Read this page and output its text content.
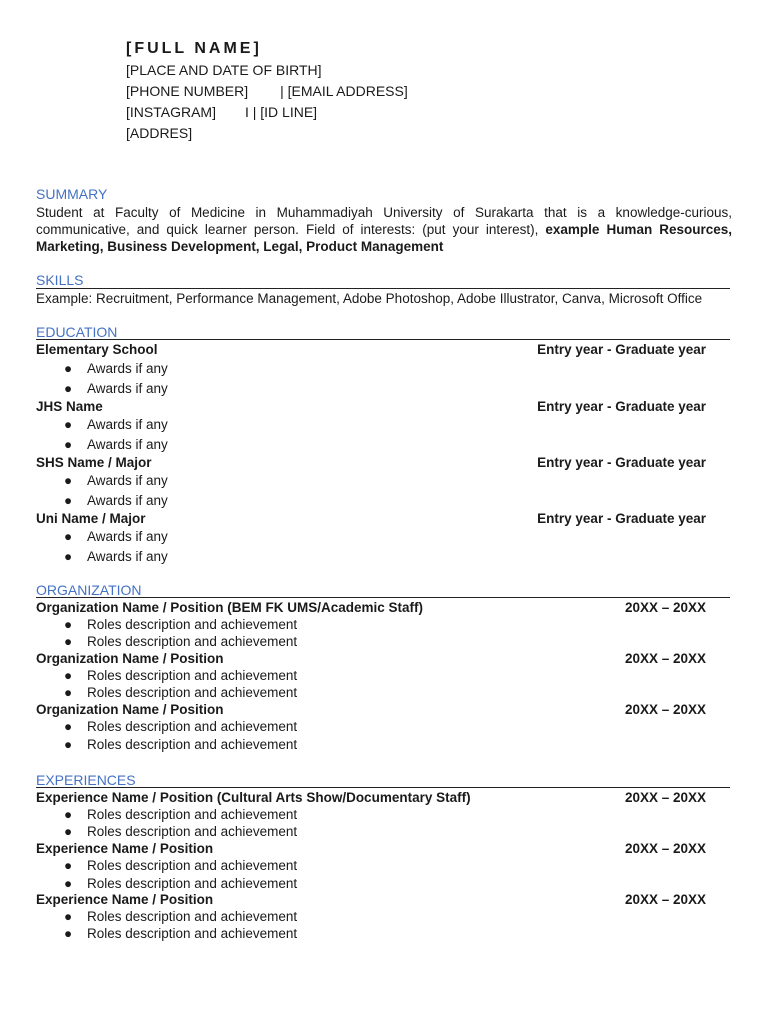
[FULL NAME]
[PLACE AND DATE OF BIRTH]
[PHONE NUMBER] | [EMAIL ADDRESS]
[INSTAGRAM] I | [ID LINE]
[ADDRES]
SUMMARY
Student at Faculty of Medicine in Muhammadiyah University of Surakarta that is a knowledge-curious, communicative, and quick learner person. Field of interests: (put your interest), example Human Resources, Marketing, Business Development, Legal, Product Management
SKILLS
Example: Recruitment, Performance Management, Adobe Photoshop, Adobe Illustrator, Canva, Microsoft Office
EDUCATION
Elementary School	Entry year - Graduate year
● Awards if any
● Awards if any
JHS Name	Entry year - Graduate year
● Awards if any
● Awards if any
SHS Name / Major	Entry year - Graduate year
● Awards if any
● Awards if any
Uni Name / Major	Entry year - Graduate year
● Awards if any
● Awards if any
ORGANIZATION
Organization Name / Position (BEM FK UMS/Academic Staff)	20XX – 20XX
● Roles description and achievement
● Roles description and achievement
Organization Name / Position	20XX – 20XX
● Roles description and achievement
● Roles description and achievement
Organization Name / Position	20XX – 20XX
● Roles description and achievement
● Roles description and achievement
EXPERIENCES
Experience Name / Position (Cultural Arts Show/Documentary Staff)	20XX – 20XX
● Roles description and achievement
● Roles description and achievement
Experience Name / Position	20XX – 20XX
● Roles description and achievement
● Roles description and achievement
Experience Name / Position	20XX – 20XX
● Roles description and achievement
● Roles description and achievement
